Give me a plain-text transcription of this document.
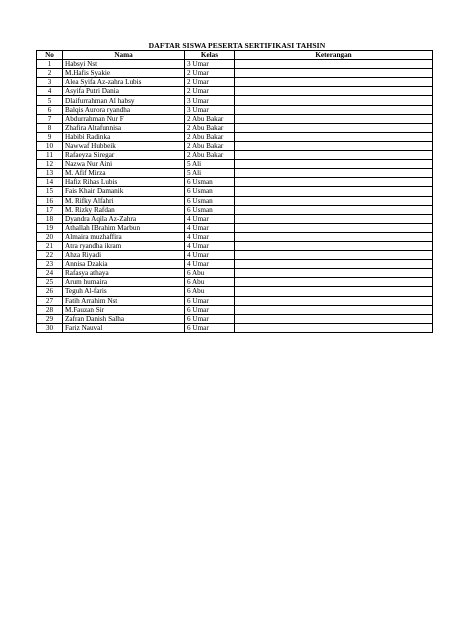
DAFTAR SISWA PESERTA SERTIFIKASI TAHSIN
No	Nama	Kelas	Keterangan
1	Habsyi Nst	3 Umar	
2	M.Hafis Syakie	2 Umar	
3	Alea Syifa Az-zahra Lubis	2 Umar	
4	Asyifa Putri Dania	2 Umar	
5	Dlaifurrahman Al habsy	3 Umar	
6	Balqis Aurora ryandha	3 Umar	
7	Abdurrahman Nur F	2 Abu Bakar	
8	Zhafira Altafunnisa	2 Abu Bakar	
9	Habibi Radinka	2 Abu Bakar	
10	Nawwaf Hubbeik	2 Abu Bakar	
11	Rafaeyza Siregar	2 Abu Bakar	
12	Nazwa Nur Aini	5 Ali	
13	M. Afif Mirza	5 Ali	
14	Hafiz Rihas Lubis	6 Usman	
15	Fais Khair Damanik	6 Usman	
16	M. Rifky Alfahri	6 Usman	
17	M. Rizky Rafdan	6 Usman	
18	Dyandra Aqila Az-Zahra	4 Umar	
19	Athallah IBrahim Marbun	4 Umar	
20	Almaira muzhaffira	4 Umar	
21	Atra ryandha ikram	4 Umar	
22	Ahza Riyadi	4 Umar	
23	Annisa Dzakia	4 Umar	
24	Rafasya athaya	6 Abu	
25	Arum humaira	6 Abu	
26	Teguh Al-faris	6 Abu	
27	Fatih Arrahim Nst	6 Umar	
28	M.Fauzan Sir	6 Umar	
29	Zafran Danish Salha	6 Umar	
30	Fariz Nauval	6 Umar	
